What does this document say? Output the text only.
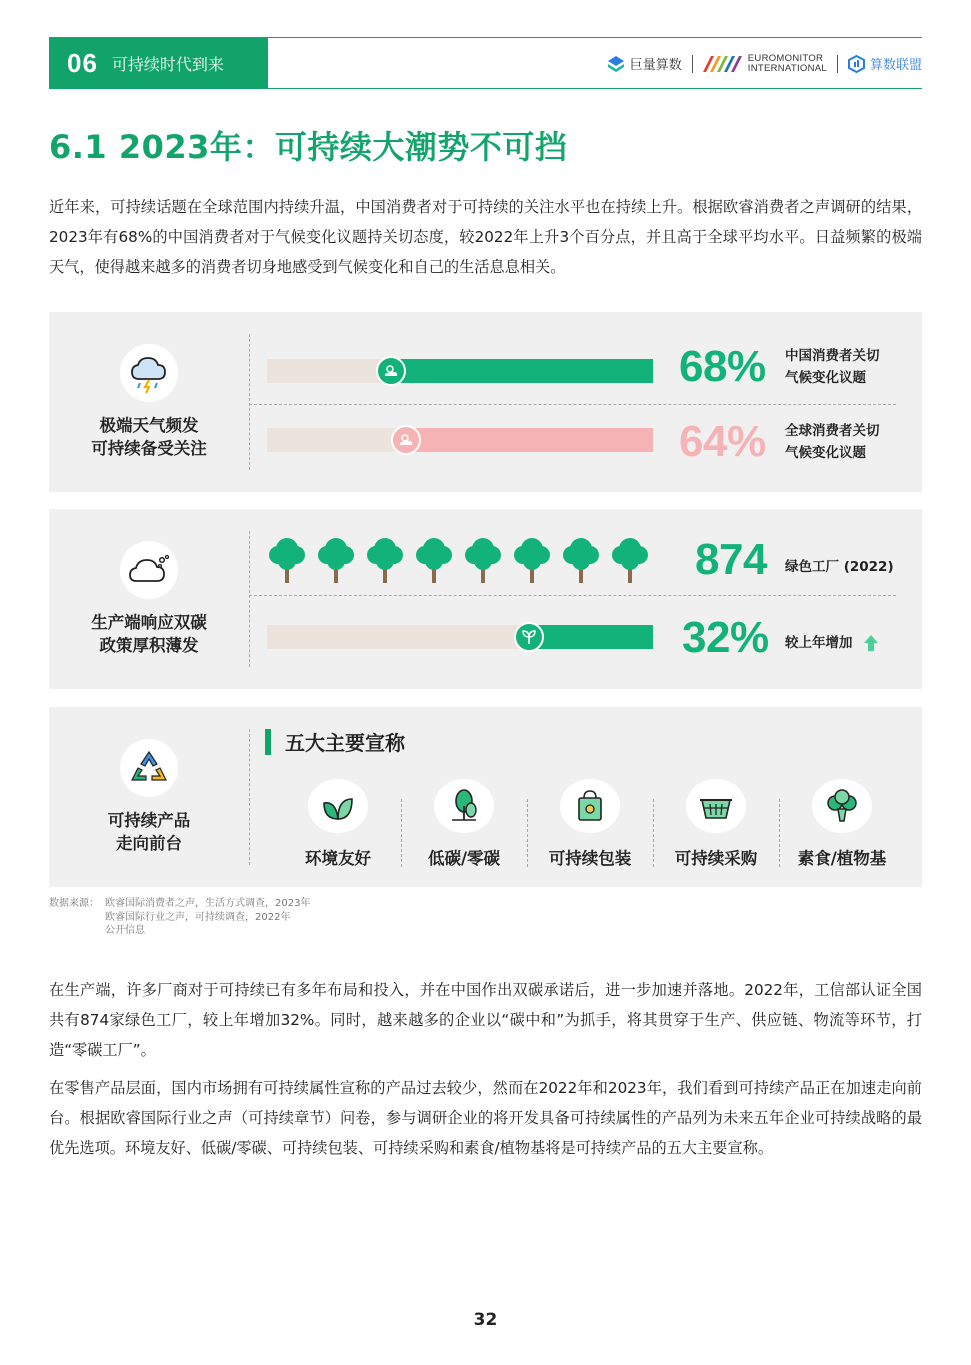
06 可持续时代到来	巨量算数	EUROMONITOR
INTERNATIONAL	算数联盟
6.1 2023年：可持续大潮势不可挡

近年来，可持续话题在全球范围内持续升温，中国消费者对于可持续的关注水平也在持续上升。根据欧睿消费者之声调研的结果，2023年有68%的中国消费者对于气候变化议题持关切态度，较2022年上升3个百分点，并且高于全球平均水平。日益频繁的极端天气，使得越来越多的消费者切身地感受到气候变化和自己的生活息息相关。

极端天气频发
可持续备受关注
68% 中国消费者关切
气候变化议题
64% 全球消费者关切
气候变化议题
生产端响应双碳
政策厚积薄发
874 绿色工厂 (2022)
32% 较上年增加
可持续产品
走向前台
五大主要宣称
环境友好	低碳/零碳	可持续包装	可持续采购 素食/植物基
数据来源： 欧睿国际消费者之声，生活方式调查，2023年
欧睿国际行业之声，可持续调查，2022年
公开信息

在生产端，许多厂商对于可持续已有多年布局和投入，并在中国作出双碳承诺后，进一步加速并落地。2022年，工信部认证全国共有874家绿色工厂，较上年增加32%。同时，越来越多的企业以“碳中和”为抓手，将其贯穿于生产、供应链、物流等环节，打造“零碳工厂”。

在零售产品层面，国内市场拥有可持续属性宣称的产品过去较少，然而在2022年和2023年，我们看到可持续产品正在加速走向前台。根据欧睿国际行业之声（可持续章节）问卷，参与调研企业的将开发具备可持续属性的产品列为未来五年企业可持续战略的最优先选项。环境友好、低碳/零碳、可持续包装、可持续采购和素食/植物基将是可持续产品的五大主要宣称。

32
